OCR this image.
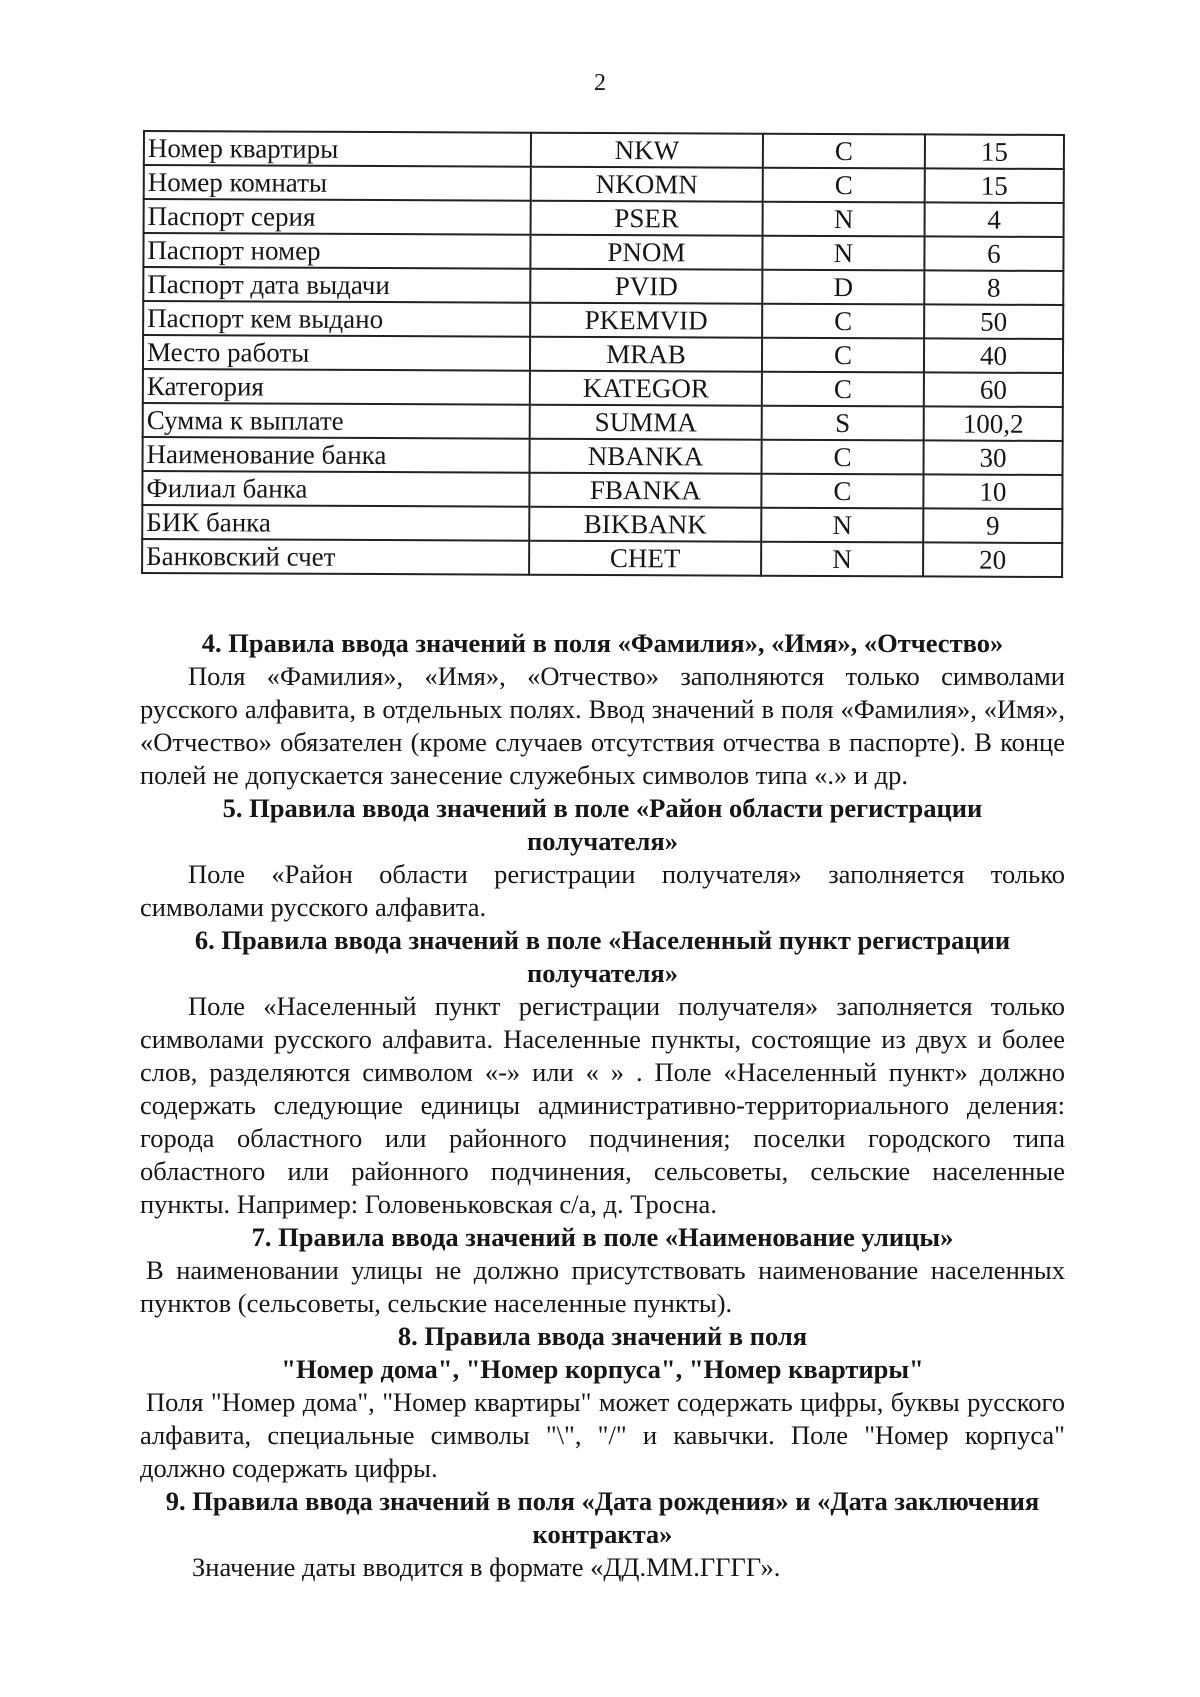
2
Номер квартиры	NKW	C	15
Номер комнаты	NKOMN	C	15
Паспорт серия	PSER	N	4
Паспорт номер	PNOM	N	6
Паспорт дата выдачи	PVID	D	8
Паспорт кем выдано	PKEMVID	C	50
Место работы	MRAB	C	40
Категория	KATEGOR	C	60
Сумма к выплате	SUMMA	S	100,2
Наименование банка	NBANKA	C	30
Филиал банка	FBANKA	C	10
БИК банка	BIKBANK	N	9
Банковский счет	CHET	N	20

4. Правила ввода значений в поля «Фамилия», «Имя», «Отчество»

Поля «Фамилия», «Имя», «Отчество» заполняются только символами русского алфавита, в отдельных полях. Ввод значений в поля «Фамилия», «Имя», «Отчество» обязателен (кроме случаев отсутствия отчества в паспорте). В конце полей не допускается занесение служебных символов типа «.» и др.

5. Правила ввода значений в поле «Район области регистрации получателя»

Поле «Район области регистрации получателя» заполняется только символами русского алфавита.

6. Правила ввода значений в поле «Населенный пункт регистрации получателя»

Поле «Населенный пункт регистрации получателя» заполняется только символами русского алфавита. Населенные пункты, состоящие из двух и более слов, разделяются символом «-» или « » . Поле «Населенный пункт» должно содержать следующие единицы административно-территориального деления: города областного или районного подчинения; поселки городского типа областного или районного подчинения, сельсоветы, сельские населенные пункты. Например: Головеньковская с/а, д. Тросна.

7. Правила ввода значений в поле «Наименование улицы»

В наименовании улицы не должно присутствовать наименование населенных пунктов (сельсоветы, сельские населенные пункты).

8. Правила ввода значений в поля

"Номер дома", "Номер корпуса", "Номер квартиры"

Поля "Номер дома", "Номер квартиры" может содержать цифры, буквы русского алфавита, специальные символы "\", "/" и кавычки. Поле "Номер корпуса" должно содержать цифры.

9. Правила ввода значений в поля «Дата рождения» и «Дата заключения контракта»

Значение даты вводится в формате «ДД.ММ.ГГГГ».
